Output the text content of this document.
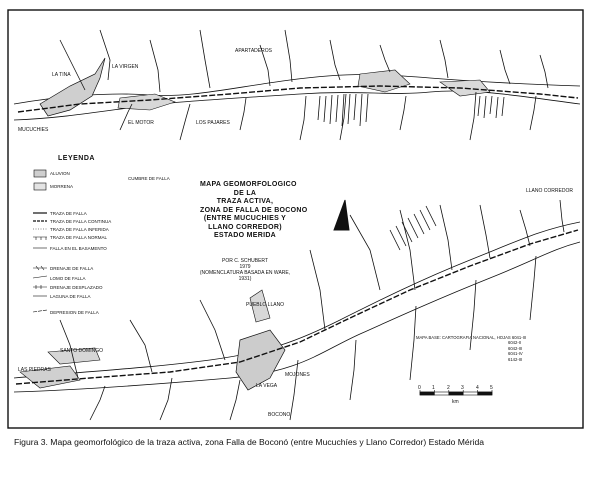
MAPA GEOMORFOLOGICO
DE LA
TRAZA ACTIVA,
ZONA DE FALLA DE BOCONO
(ENTRE MUCUCHIES Y
LLANO CORREDOR)
ESTADO MERIDA
POR C. SCHUBERT
1979
(NOMENCLATURA BASADA EN WARE, 1931)
LEYENDA
ALUVION
MORRENA
TRAZA DE FALLA
TRAZA DE FALLA CONTINUA
TRAZA DE FALLA INFERIDA
TRAZA DE FALLA NORMAL
FALLA EN EL BASAMENTO
DRENAJE DE FALLA
LOMO DE FALLA
DRENAJE DESPLAZADO
LAGUNA DE FALLA
DEPRESION DE FALLA
CUMBRE DE FALLA
LA TINA
MUCUCHIES
EL MOTOR
LA VIRGEN
LOS PAJARES
APARTADEROS
LLANO CORREDOR
PUEBLO LLANO
LA VEGA
SANTO DOMINGO
LAS PIEDRAS
MOJONES
BOCONO
MAPA BASE: CARTOGRAFIA NACIONAL, HOJAS 6041-III
6042-II
6042-III
6041-IV
6142-III
0 1 2 3 4 5
km
Figura 3. Mapa geomorfológico de la traza activa, zona Falla de Boconó (entre Mucuchíes y Llano Corredor) Estado Mérida
